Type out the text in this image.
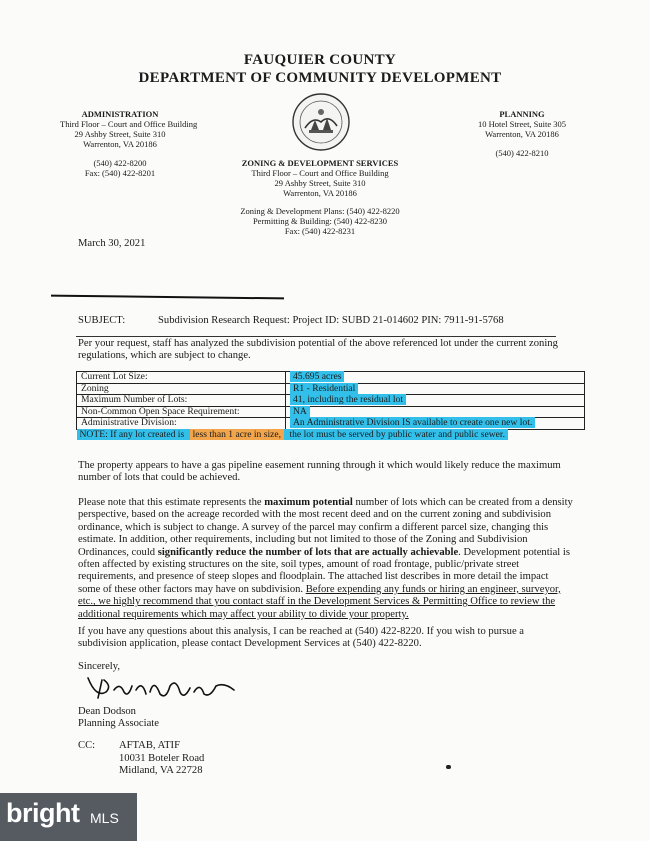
FAUQUIER COUNTY
DEPARTMENT OF COMMUNITY DEVELOPMENT
ADMINISTRATION
Third Floor – Court and Office Building
29 Ashby Street, Suite 310
Warrenton, VA 20186
(540) 422-8200
Fax: (540) 422-8201
PLANNING
10 Hotel Street, Suite 305
Warrenton, VA 20186
(540) 422-8210
ZONING & DEVELOPMENT SERVICES
Third Floor – Court and Office Building
29 Ashby Street, Suite 310
Warrenton, VA 20186
Zoning & Development Plans: (540) 422-8220
Permitting & Building: (540) 422-8230
Fax: (540) 422-8231
March 30, 2021
SUBJECT:	Subdivision Research Request: Project ID: SUBD 21-014602 PIN: 7911-91-5768
Per your request, staff has analyzed the subdivision potential of the above referenced lot under the current zoning regulations, which are subject to change.
Current Lot Size:	45.695 acres
Zoning	R1 - Residential
Maximum Number of Lots:	41, including the residual lot
Non-Common Open Space Requirement:	NA
Administrative Division:	An Administrative Division IS available to create one new lot.
NOTE: If any lot created is less than 1 acre in size, the lot must be served by public water and public sewer.	
The property appears to have a gas pipeline easement running through it which would likely reduce the maximum number of lots that could be achieved.
Please note that this estimate represents the maximum potential number of lots which can be created from a density perspective, based on the acreage recorded with the most recent deed and on the current zoning and subdivision ordinance, which is subject to change. A survey of the parcel may confirm a different parcel size, changing this estimate. In addition, other requirements, including but not limited to those of the Zoning and Subdivision Ordinances, could significantly reduce the number of lots that are actually achievable. Development potential is often affected by existing structures on the site, soil types, amount of road frontage, public/private street requirements, and presence of steep slopes and floodplain. The attached list describes in more detail the impact some of these other factors may have on subdivision. Before expending any funds or hiring an engineer, surveyor, etc., we highly recommend that you contact staff in the Development Services & Permitting Office to review the additional requirements which may affect your ability to divide your property.
If you have any questions about this analysis, I can be reached at (540) 422-8220. If you wish to pursue a subdivision application, please contact Development Services at (540) 422-8220.
Sincerely,
Dean Dodson
Planning Associate
CC: AFTAB, ATIF
10031 Boteler Road
Midland, VA 22728
bright MLS
